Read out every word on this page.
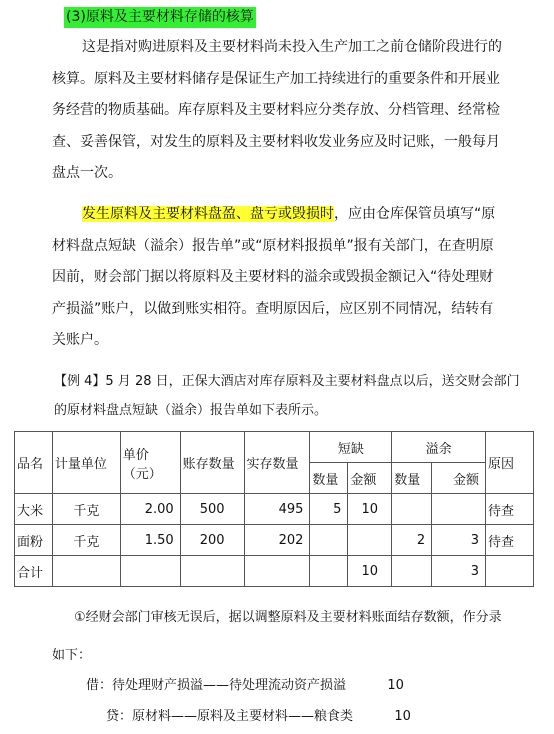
(3)原料及主要材料存储的核算
这是指对购进原料及主要材料尚未投入生产加工之前仓储阶段进行的核算。原料及主要材料储存是保证生产加工持续进行的重要条件和开展业务经营的物质基础。库存原料及主要材料应分类存放、分档管理、经常检查、妥善保管，对发生的原料及主要材料收发业务应及时记账，一般每月盘点一次。
发生原料及主要材料盘盈、盘亏或毁损时，应由仓库保管员填写“原材料盘点短缺（溢余）报告单”或“原材料报损单”报有关部门，在查明原因前，财会部门据以将原料及主要材料的溢余或毁损金额记入“待处理财产损溢”账户，以做到账实相符。查明原因后，应区别不同情况，结转有关账户。
【例 4】5 月 28 日，正保大酒店对库存原料及主要材料盘点以后，送交财会部门的原材料盘点短缺（溢余）报告单如下表所示。
品名	计量单位	单价（元）	账存数量	实存数量	短缺		溢余		原因
					数量	金额	数量	金额	
大米	千克	2.00	500	495	5	10			待查
面粉	千克	1.50	200	202			2	3	待查
合计						10		3	
①经财会部门审核无误后，据以调整原料及主要材料账面结存数额，作分录
如下：
借：待处理财产损溢——待处理流动资产损溢	10
贷：原材料——原料及主要材料——粮食类	10
